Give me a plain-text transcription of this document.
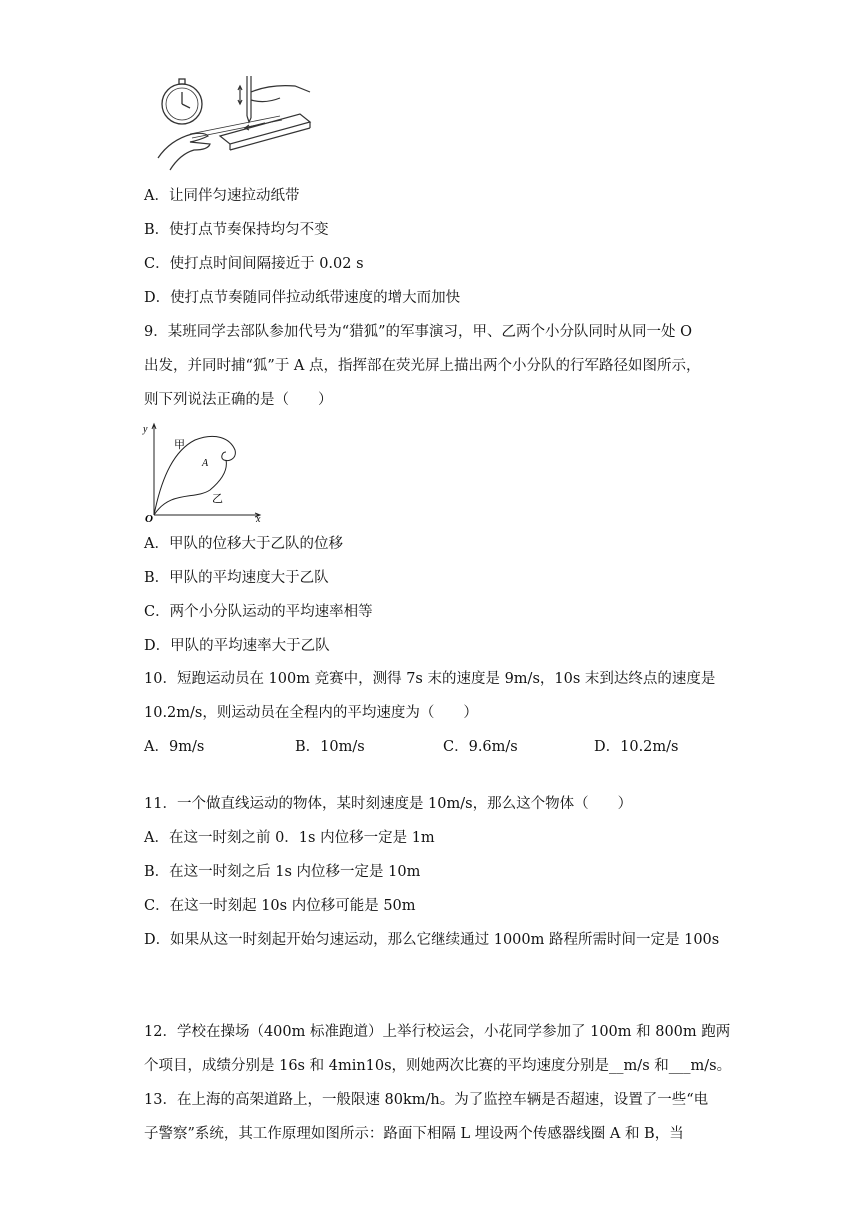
A．让同伴匀速拉动纸带
B．使打点节奏保持均匀不变
C．使打点时间间隔接近于 0.02 s
D．使打点节奏随同伴拉动纸带速度的增大而加快
9．某班同学去部队参加代号为“猎狐”的军事演习，甲、乙两个小分队同时从同一处 O
出发，并同时捕“狐”于 A 点，指挥部在荧光屏上描出两个小分队的行军路径如图所示，
则下列说法正确的是（　　）
y
x
O
A
甲
乙
A．甲队的位移大于乙队的位移
B．甲队的平均速度大于乙队
C．两个小分队运动的平均速率相等
D．甲队的平均速率大于乙队
10．短跑运动员在 100m 竞赛中，测得 7s 末的速度是 9m/s，10s 末到达终点的速度是
10.2m/s，则运动员在全程内的平均速度为（　　）
A．9m/s	B．10m/s	C．9.6m/s	D．10.2m/s
11．一个做直线运动的物体，某时刻速度是 10m/s，那么这个物体（　　）
A．在这一时刻之前 0．1s 内位移一定是 1m
B．在这一时刻之后 1s 内位移一定是 10m
C．在这一时刻起 10s 内位移可能是 50m
D．如果从这一时刻起开始匀速运动，那么它继续通过 1000m 路程所需时间一定是 100s
12．学校在操场（400m 标准跑道）上举行校运会，小花同学参加了 100m 和 800m 跑两
个项目，成绩分别是 16s 和 4min10s，则她两次比赛的平均速度分别是__m/s 和___m/s。
13．在上海的高架道路上，一般限速 80km/h。为了监控车辆是否超速，设置了一些“电
子警察”系统，其工作原理如图所示：路面下相隔 L 埋设两个传感器线圈 A 和 B，当
